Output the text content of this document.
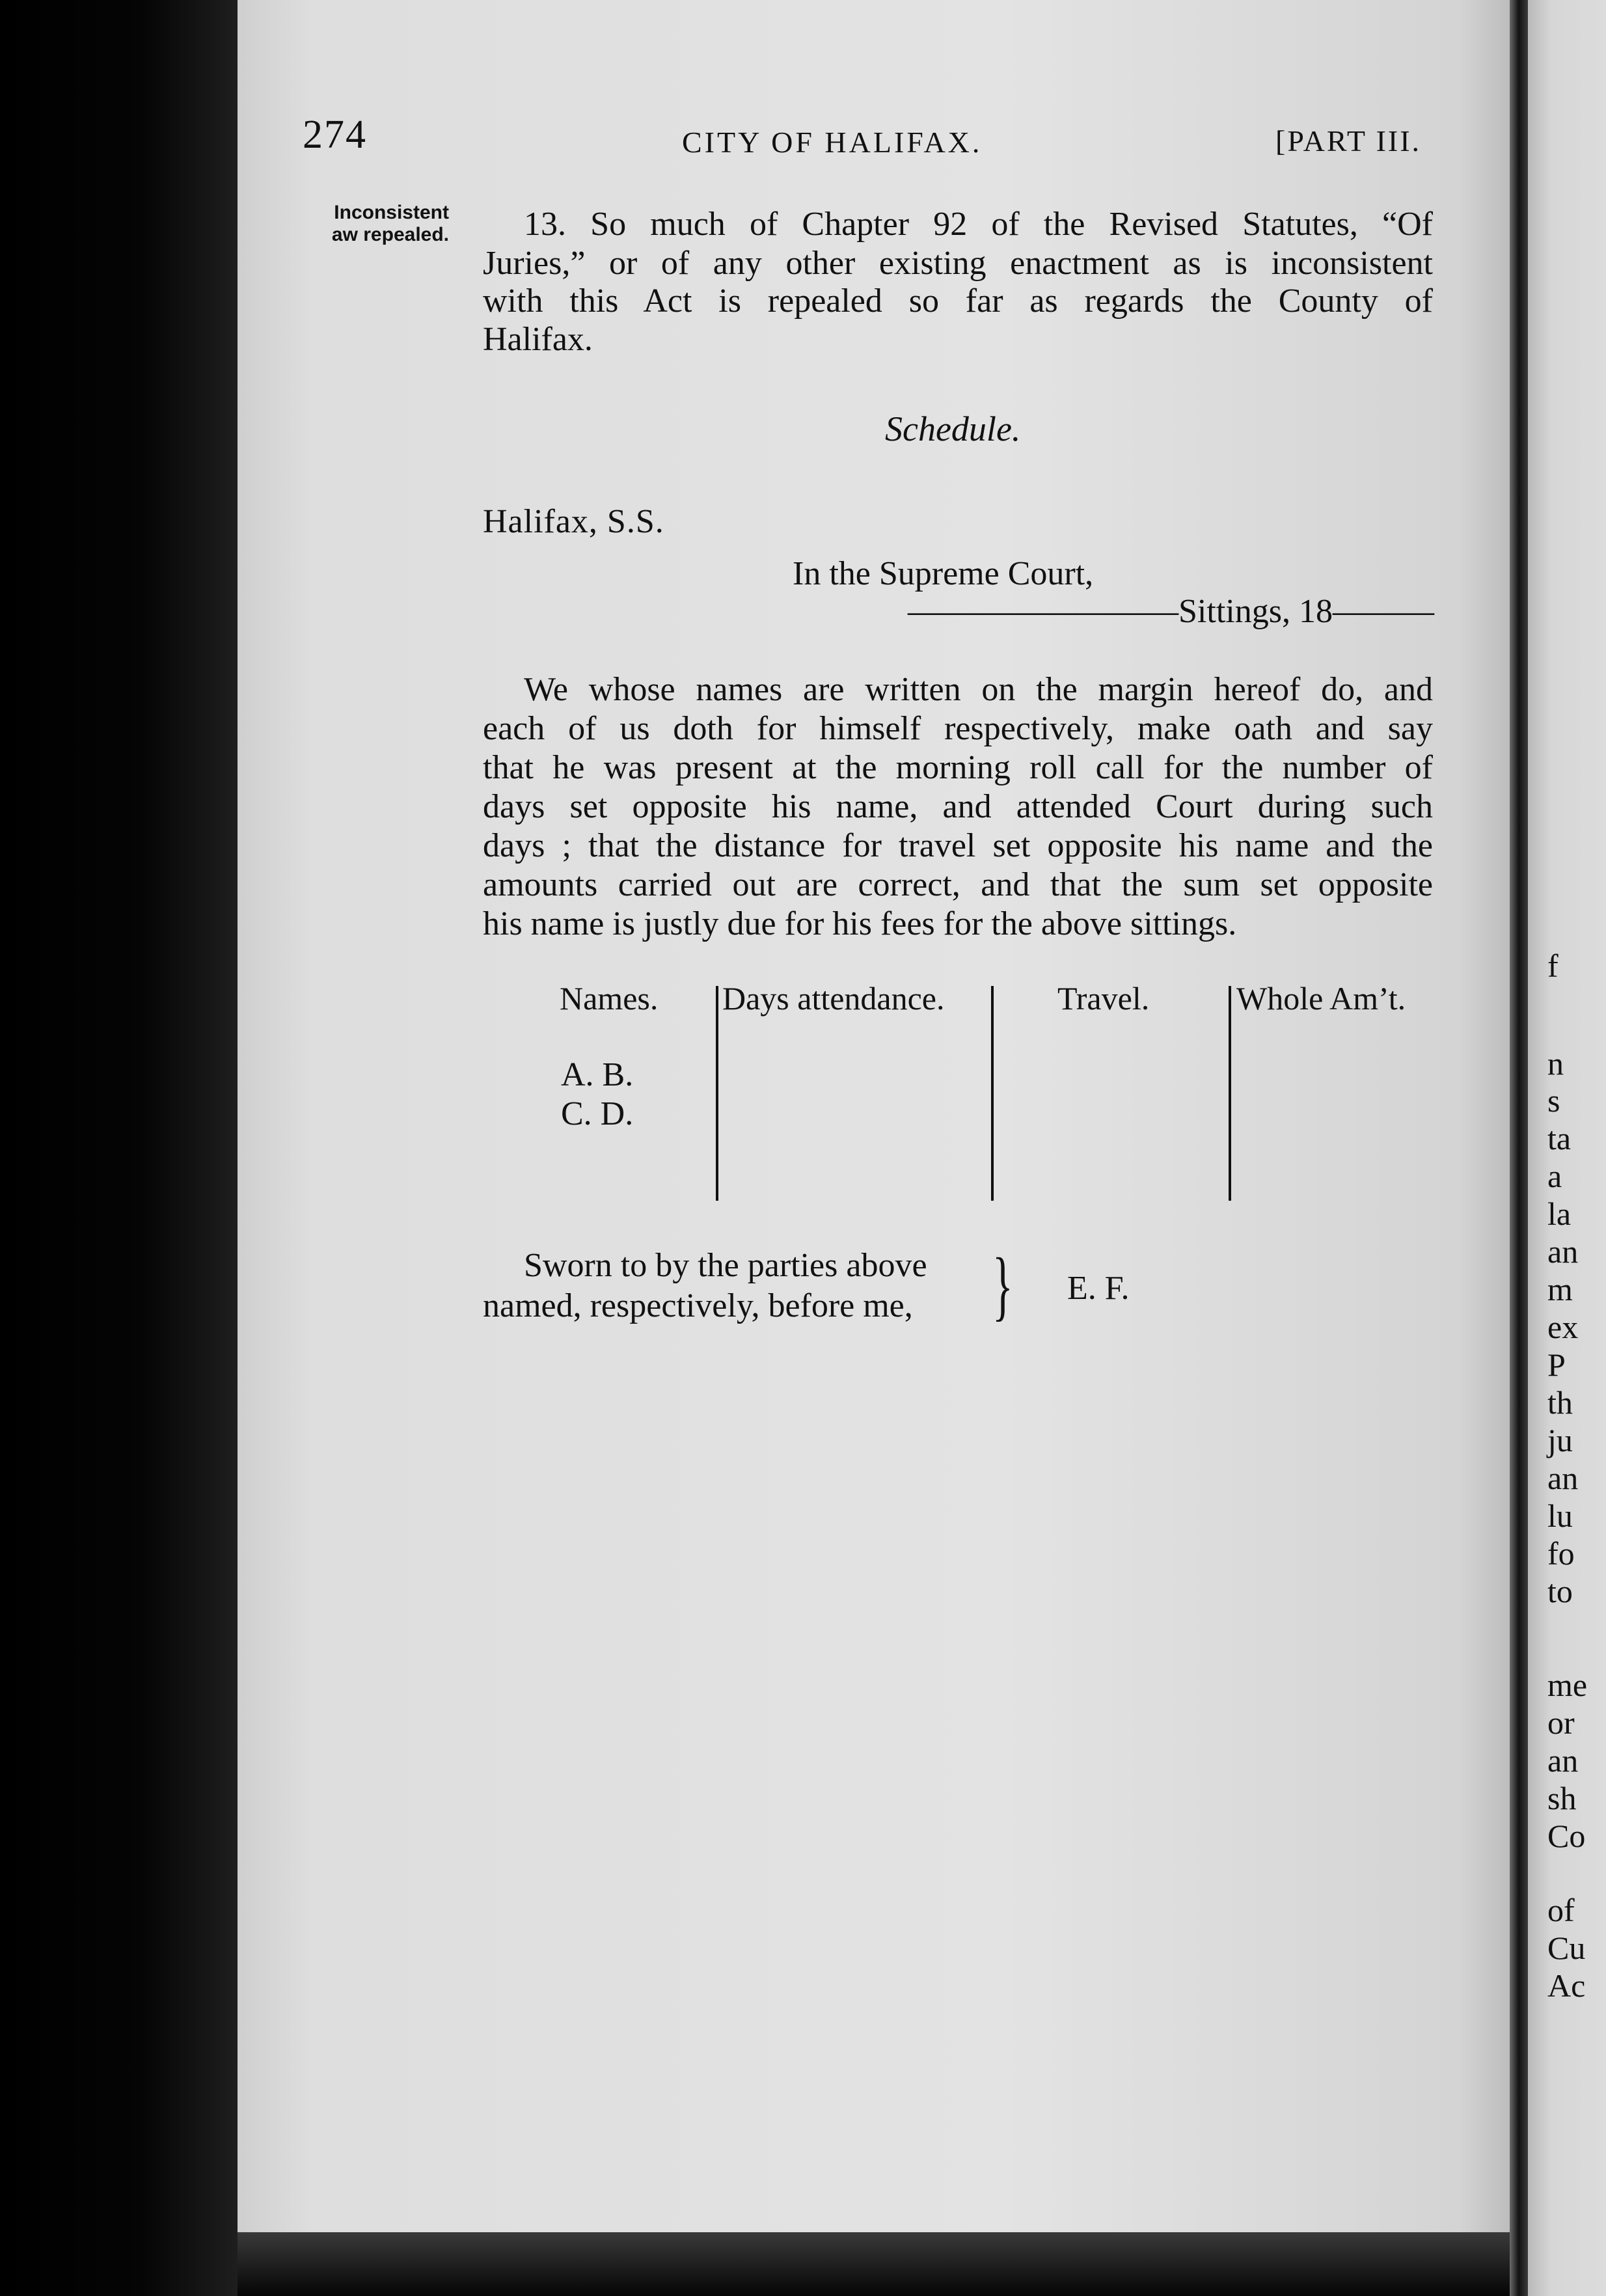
f
n
s
ta
a
la
an
m
ex
P
th
ju
an
lu
fo
to
me
or
an
sh
Co
of
Cu
Ac
274	CITY OF HALIFAX.	[PART III.
Inconsistent
aw repealed. 13. So much of Chapter 92 of the Revised Statutes, “Of
Juries,” or of any other existing enactment as is inconsistent
with this Act is repealed so far as regards the County of
Halifax.
Schedule.
Halifax, S.S.
In the Supreme Court,
————————Sittings, 18———
We whose names are written on the margin hereof do, and
each of us doth for himself respectively, make oath and say
that he was present at the morning roll call for the number of
days set opposite his name, and attended Court during such
days ; that the distance for travel set opposite his name and the
amounts carried out are correct, and that the sum set opposite
his name is justly due for his fees for the above sittings.
Names. Days attendance.	Travel.	Whole Am’t.
A. B.
C. D.
Sworn to by the parties above
named, respectively, before me, } E. F.
